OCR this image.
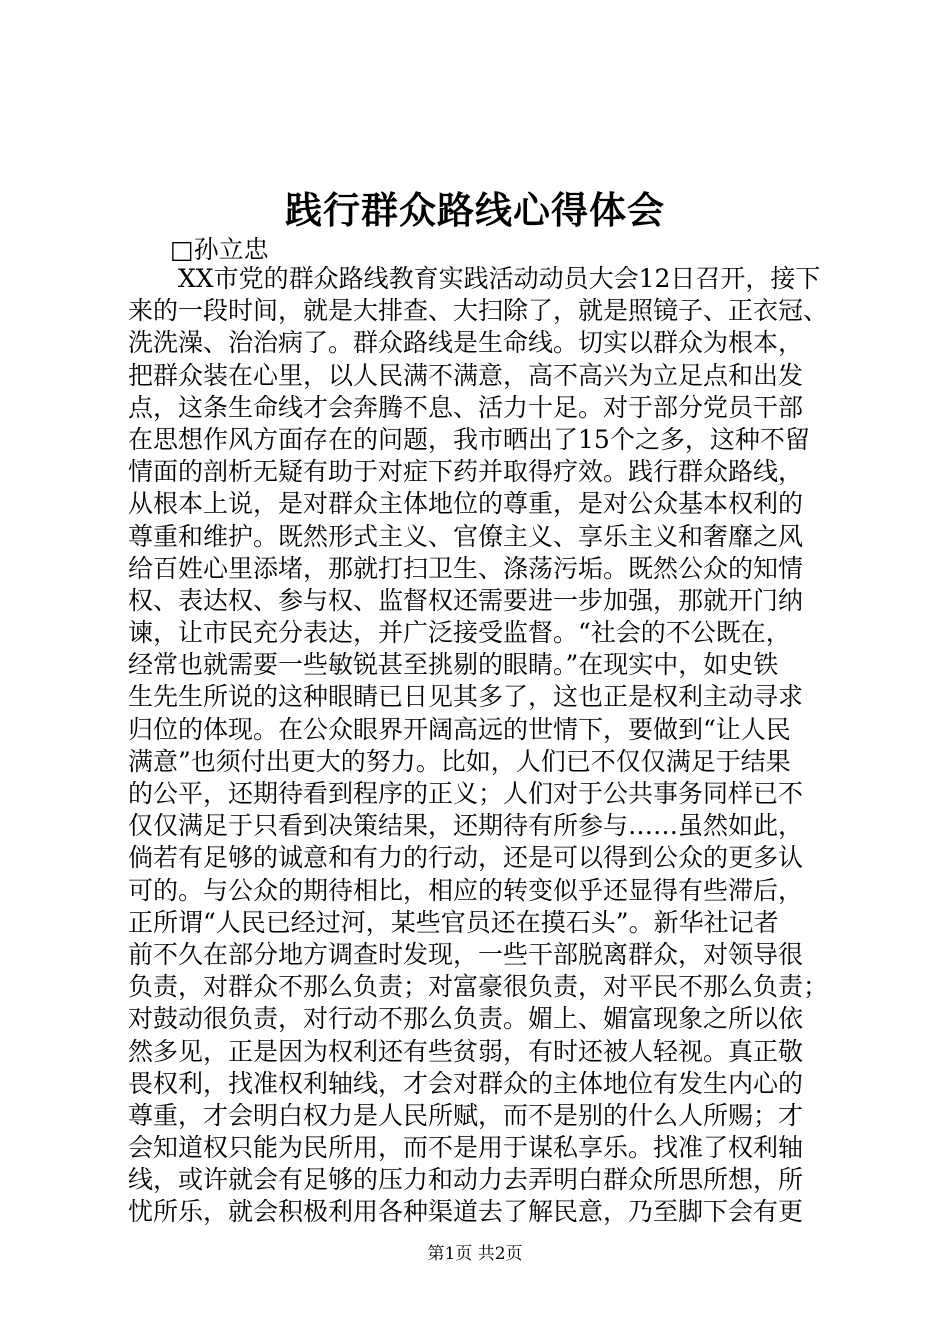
践行群众路线心得体会
□孙立忠
XX市党的群众路线教育实践活动动员大会12日召开，接下
来的一段时间，就是大排查、大扫除了，就是照镜子、正衣冠、
洗洗澡、治治病了。群众路线是生命线。切实以群众为根本，
把群众装在心里，以人民满不满意，高不高兴为立足点和出发
点，这条生命线才会奔腾不息、活力十足。对于部分党员干部
在思想作风方面存在的问题，我市晒出了15个之多，这种不留
情面的剖析无疑有助于对症下药并取得疗效。践行群众路线，
从根本上说，是对群众主体地位的尊重，是对公众基本权利的
尊重和维护。既然形式主义、官僚主义、享乐主义和奢靡之风
给百姓心里添堵，那就打扫卫生、涤荡污垢。既然公众的知情
权、表达权、参与权、监督权还需要进一步加强，那就开门纳
谏，让市民充分表达，并广泛接受监督。“社会的不公既在，
经常也就需要一些敏锐甚至挑剔的眼睛。”在现实中，如史铁
生先生所说的这种眼睛已日见其多了，这也正是权利主动寻求
归位的体现。在公众眼界开阔高远的世情下，要做到“让人民
满意”也须付出更大的努力。比如，人们已不仅仅满足于结果
的公平，还期待看到程序的正义；人们对于公共事务同样已不
仅仅满足于只看到决策结果，还期待有所参与……虽然如此，
倘若有足够的诚意和有力的行动，还是可以得到公众的更多认
可的。与公众的期待相比，相应的转变似乎还显得有些滞后，
正所谓“人民已经过河，某些官员还在摸石头”。新华社记者
前不久在部分地方调查时发现，一些干部脱离群众，对领导很
负责，对群众不那么负责；对富豪很负责，对平民不那么负责；
对鼓动很负责，对行动不那么负责。媚上、媚富现象之所以依
然多见，正是因为权利还有些贫弱，有时还被人轻视。真正敬
畏权利，找准权利轴线，才会对群众的主体地位有发生内心的
尊重，才会明白权力是人民所赋，而不是别的什么人所赐；才
会知道权只能为民所用，而不是用于谋私享乐。找准了权利轴
线，或许就会有足够的压力和动力去弄明白群众所思所想，所
忧所乐，就会积极利用各种渠道去了解民意，乃至脚下会有更
第1页 共2页
